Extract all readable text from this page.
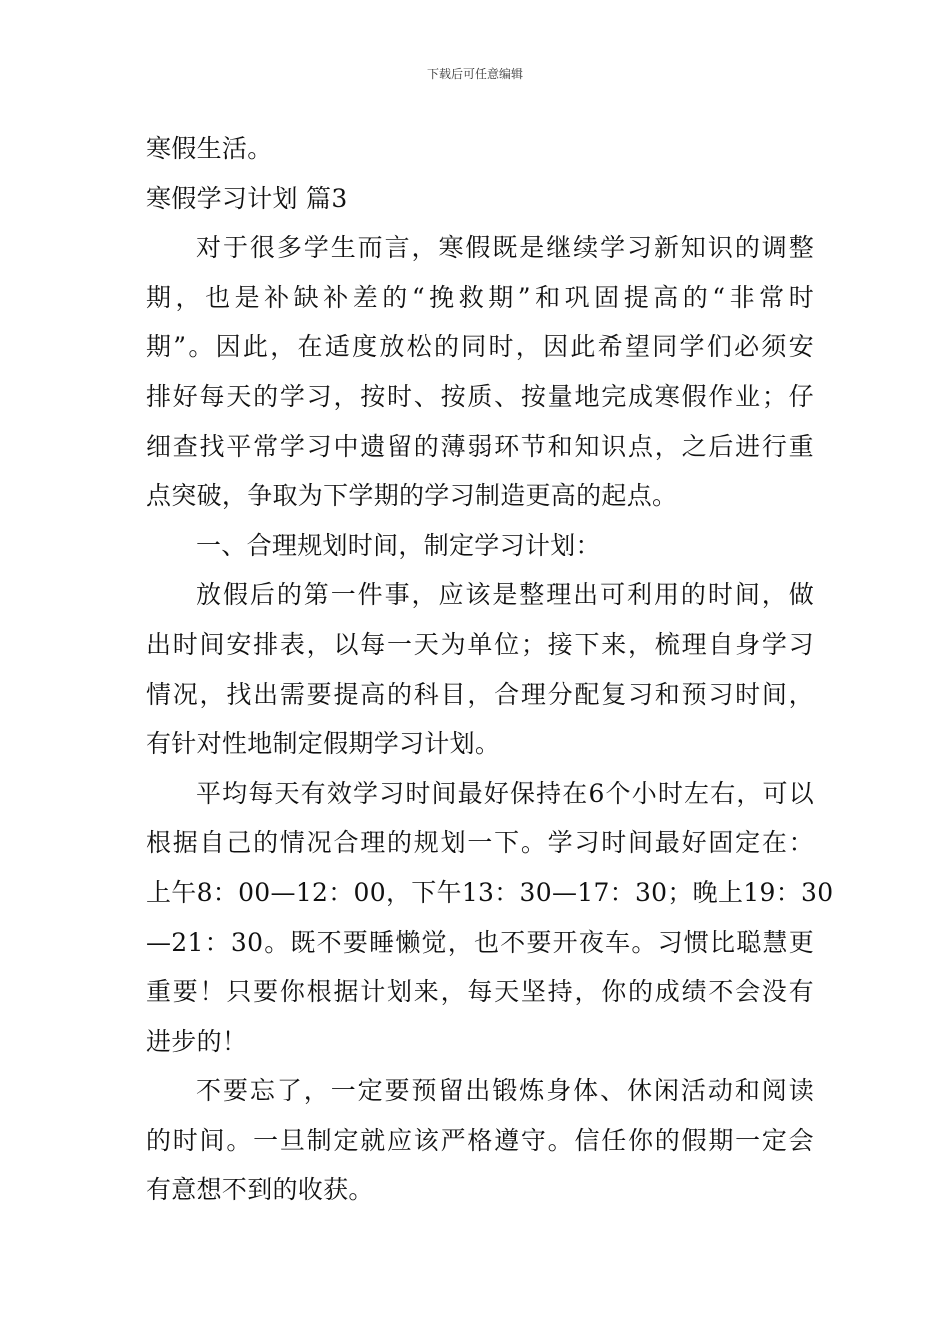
下载后可任意编辑
寒假生活。
寒假学习计划 篇3
对于很多学生而言，寒假既是继续学习新知识的调整
期，也是补缺补差的“挽救期”和巩固提高的“非常时
期”。因此，在适度放松的同时，因此希望同学们必须安
排好每天的学习，按时、按质、按量地完成寒假作业；仔
细查找平常学习中遗留的薄弱环节和知识点，之后进行重
点突破，争取为下学期的学习制造更高的起点。
一、合理规划时间，制定学习计划：
放假后的第一件事，应该是整理出可利用的时间，做
出时间安排表，以每一天为单位；接下来，梳理自身学习
情况，找出需要提高的科目，合理分配复习和预习时间，
有针对性地制定假期学习计划。
平均每天有效学习时间最好保持在6个小时左右，可以
根据自己的情况合理的规划一下。学习时间最好固定在：
上午8：00—12：00，下午13：30—17：30；晚上19：30
—21：30。既不要睡懒觉，也不要开夜车。习惯比聪慧更
重要！只要你根据计划来，每天坚持，你的成绩不会没有
进步的！
不要忘了，一定要预留出锻炼身体、休闲活动和阅读
的时间。一旦制定就应该严格遵守。信任你的假期一定会
有意想不到的收获。
